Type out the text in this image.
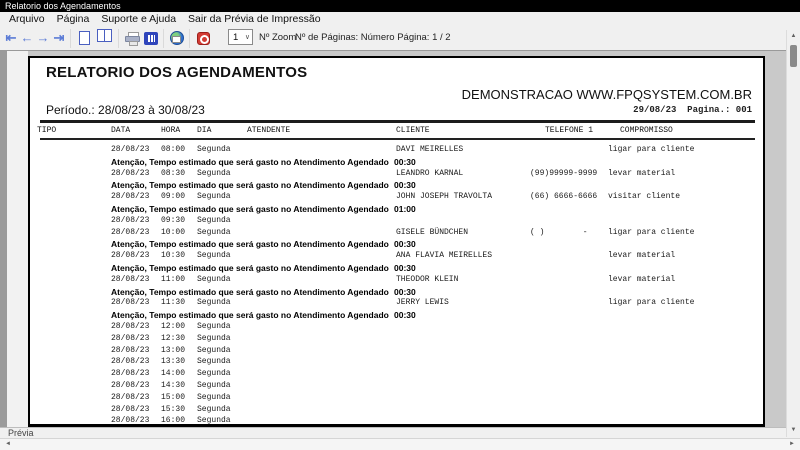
Relatorio dos Agendamentos
Arquivo	Página	Suporte e Ajuda	Sair da Prévia de Impressão
⇤ ← → ⇥	1 ∨ Nº Zoom
Nº de Páginas: Número Página: 1 / 2
RELATORIO DOS AGENDAMENTOS
DEMONSTRACAO WWW.FPQSYSTEM.COM.BR
Período.: 28/08/23 à 30/08/23	29/08/23  Pagina.: 001

TIPO

	DATA

	HORA

DIA

	ATENDENTE

	CLIENTE

	TELEFONE 1

	COMPROMISSO

28/08/23 08:00 Segunda	DAVI MEIRELLES	ligar para cliente
Atenção, Tempo estimado que será gasto no Atendimento Agendado 00:30
28/08/23 08:30 Segunda	LEANDRO KARNAL	(99)99999-9999 levar material
Atenção, Tempo estimado que será gasto no Atendimento Agendado 00:30
28/08/23 09:00 Segunda	JOHN JOSEPH TRAVOLTA	(66) 6666-6666 visitar cliente
Atenção, Tempo estimado que será gasto no Atendimento Agendado 01:00
28/08/23 09:30 Segunda
28/08/23 10:00 Segunda	GISELE BÜNDCHEN	( )        -	ligar para cliente
Atenção, Tempo estimado que será gasto no Atendimento Agendado 00:30
28/08/23 10:30 Segunda	ANA FLAVIA MEIRELLES	levar material
Atenção, Tempo estimado que será gasto no Atendimento Agendado 00:30
28/08/23 11:00 Segunda	THEODOR KLEIN	levar material
Atenção, Tempo estimado que será gasto no Atendimento Agendado 00:30
28/08/23 11:30 Segunda	JERRY LEWIS	ligar para cliente
Atenção, Tempo estimado que será gasto no Atendimento Agendado 00:30
28/08/23 12:00 Segunda
28/08/23 12:30 Segunda
28/08/23 13:00 Segunda
28/08/23 13:30 Segunda
28/08/23 14:00 Segunda
28/08/23 14:30 Segunda
28/08/23 15:00 Segunda
28/08/23 15:30 Segunda
28/08/23 16:00 Segunda
Prévia
▲
▼
◄	►
